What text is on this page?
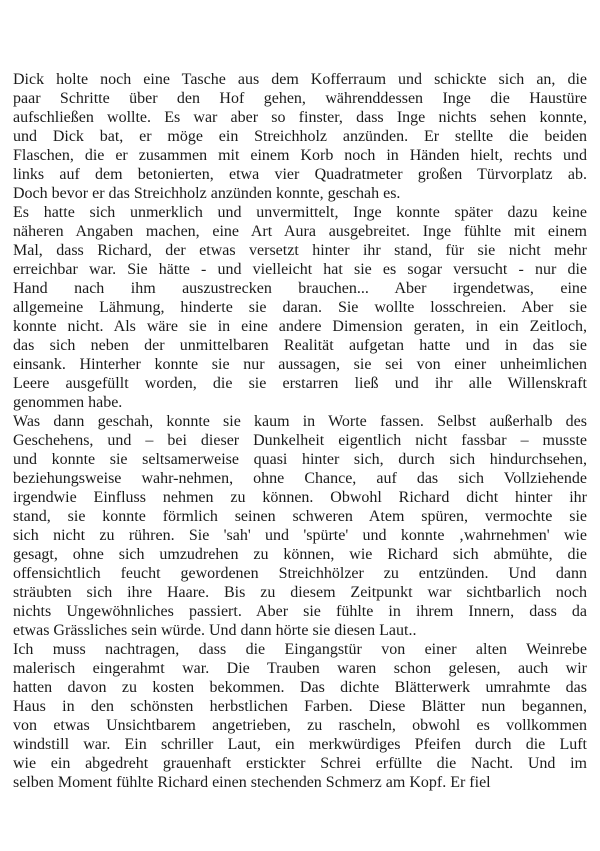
Dick holte noch eine Tasche aus dem Kofferraum und schickte sich an, die
paar Schritte über den Hof gehen, währenddessen Inge die Haustüre
aufschließen wollte. Es war aber so finster, dass Inge nichts sehen konnte,
und Dick bat, er möge ein Streichholz anzünden. Er stellte die beiden
Flaschen, die er zusammen mit einem Korb noch in Händen hielt, rechts und
links auf dem betonierten, etwa vier Quadratmeter großen Türvorplatz ab.
Doch bevor er das Streichholz anzünden konnte, geschah es.

Es hatte sich unmerklich und unvermittelt, Inge konnte später dazu keine
näheren Angaben machen, eine Art Aura ausgebreitet. Inge fühlte mit einem
Mal, dass Richard, der etwas versetzt hinter ihr stand, für sie nicht mehr
erreichbar war. Sie hätte - und vielleicht hat sie es sogar versucht - nur die
Hand nach ihm auszustrecken brauchen... Aber irgendetwas, eine
allgemeine Lähmung, hinderte sie daran. Sie wollte losschreien. Aber sie
konnte nicht. Als wäre sie in eine andere Dimension geraten, in ein Zeitloch,
das sich neben der unmittelbaren Realität aufgetan hatte und in das sie
einsank. Hinterher konnte sie nur aussagen, sie sei von einer unheimlichen
Leere ausgefüllt worden, die sie erstarren ließ und ihr alle Willenskraft
genommen habe.

Was dann geschah, konnte sie kaum in Worte fassen. Selbst außerhalb des
Geschehens, und – bei dieser Dunkelheit eigentlich nicht fassbar – musste
und konnte sie seltsamerweise quasi hinter sich, durch sich hindurchsehen,
beziehungsweise wahr-nehmen, ohne Chance, auf das sich Vollziehende
irgendwie Einfluss nehmen zu können. Obwohl Richard dicht hinter ihr
stand, sie konnte förmlich seinen schweren Atem spüren, vermochte sie
sich nicht zu rühren. Sie 'sah' und 'spürte' und konnte ‚wahrnehmen' wie
gesagt, ohne sich umzudrehen zu können, wie Richard sich abmühte, die
offensichtlich feucht gewordenen Streichhölzer zu entzünden. Und dann
sträubten sich ihre Haare. Bis zu diesem Zeitpunkt war sichtbarlich noch
nichts Ungewöhnliches passiert. Aber sie fühlte in ihrem Innern, dass da
etwas Grässliches sein würde. Und dann hörte sie diesen Laut..

Ich muss nachtragen, dass die Eingangstür von einer alten Weinrebe
malerisch eingerahmt war. Die Trauben waren schon gelesen, auch wir
hatten davon zu kosten bekommen. Das dichte Blätterwerk umrahmte das
Haus in den schönsten herbstlichen Farben. Diese Blätter nun begannen,
von etwas Unsichtbarem angetrieben, zu rascheln, obwohl es vollkommen
windstill war. Ein schriller Laut, ein merkwürdiges Pfeifen durch die Luft
wie ein abgedreht grauenhaft erstickter Schrei erfüllte die Nacht. Und im
selben Moment fühlte Richard einen stechenden Schmerz am Kopf. Er fiel
